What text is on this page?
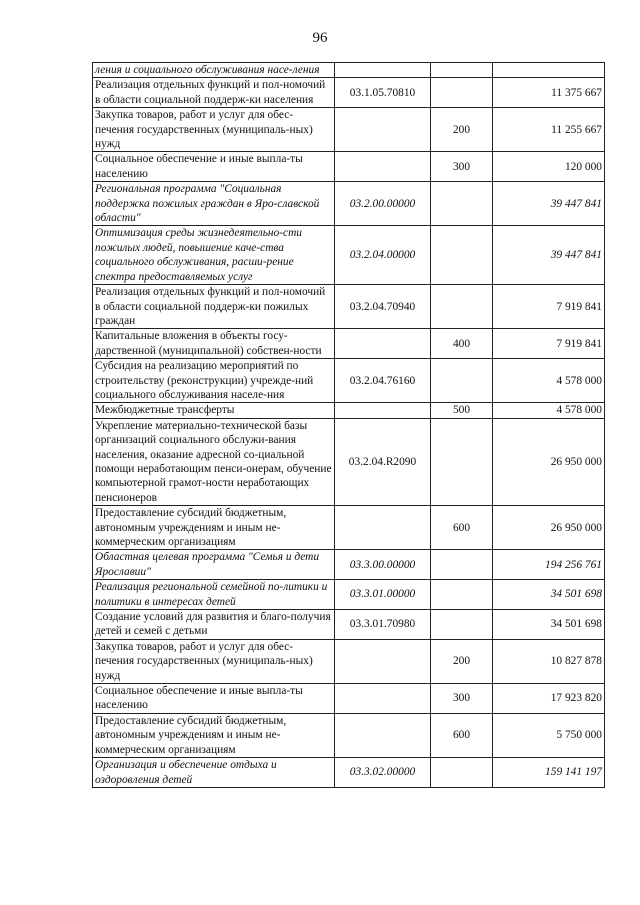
96
ления и социального обслуживания насе-ления			
Реализация отдельных функций и пол-номочий в области социальной поддерж-ки населения	03.1.05.70810		11 375 667
Закупка товаров, работ и услуг для обес-печения государственных (муниципаль-ных) нужд		200	11 255 667
Социальное обеспечение и иные выпла-ты населению		300	120 000
Региональная программа "Социальная поддержка пожилых граждан в Яро-славской области"	03.2.00.00000		39 447 841
Оптимизация среды жизнедеятельно-сти пожилых людей, повышение каче-ства социального обслуживания, расши-рение спектра предоставляемых услуг	03.2.04.00000		39 447 841
Реализация отдельных функций и пол-номочий в области социальной поддерж-ки пожилых граждан	03.2.04.70940		7 919 841
Капитальные вложения в объекты госу-дарственной (муниципальной) собствен-ности		400	7 919 841
Субсидия на реализацию мероприятий по строительству (реконструкции) учрежде-ний социального обслуживания населе-ния	03.2.04.76160		4 578 000
Межбюджетные трансферты		500	4 578 000
Укрепление материально-технической базы организаций социального обслужи-вания населения, оказание адресной со-циальной помощи неработающим пенси-онерам, обучение компьютерной грамот-ности неработающих пенсионеров	03.2.04.R2090		26 950 000
Предоставление субсидий бюджетным, автономным учреждениям и иным не-коммерческим организациям		600	26 950 000
Областная целевая программа "Семья и дети Ярославии"	03.3.00.00000		194 256 761
Реализация региональной семейной по-литики и политики в интересах детей	03.3.01.00000		34 501 698
Создание условий для развития и благо-получия детей и семей с детьми	03.3.01.70980		34 501 698
Закупка товаров, работ и услуг для обес-печения государственных (муниципаль-ных) нужд		200	10 827 878
Социальное обеспечение и иные выпла-ты населению		300	17 923 820
Предоставление субсидий бюджетным, автономным учреждениям и иным не-коммерческим организациям		600	5 750 000
Организация и обеспечение отдыха и оздоровления детей	03.3.02.00000		159 141 197
